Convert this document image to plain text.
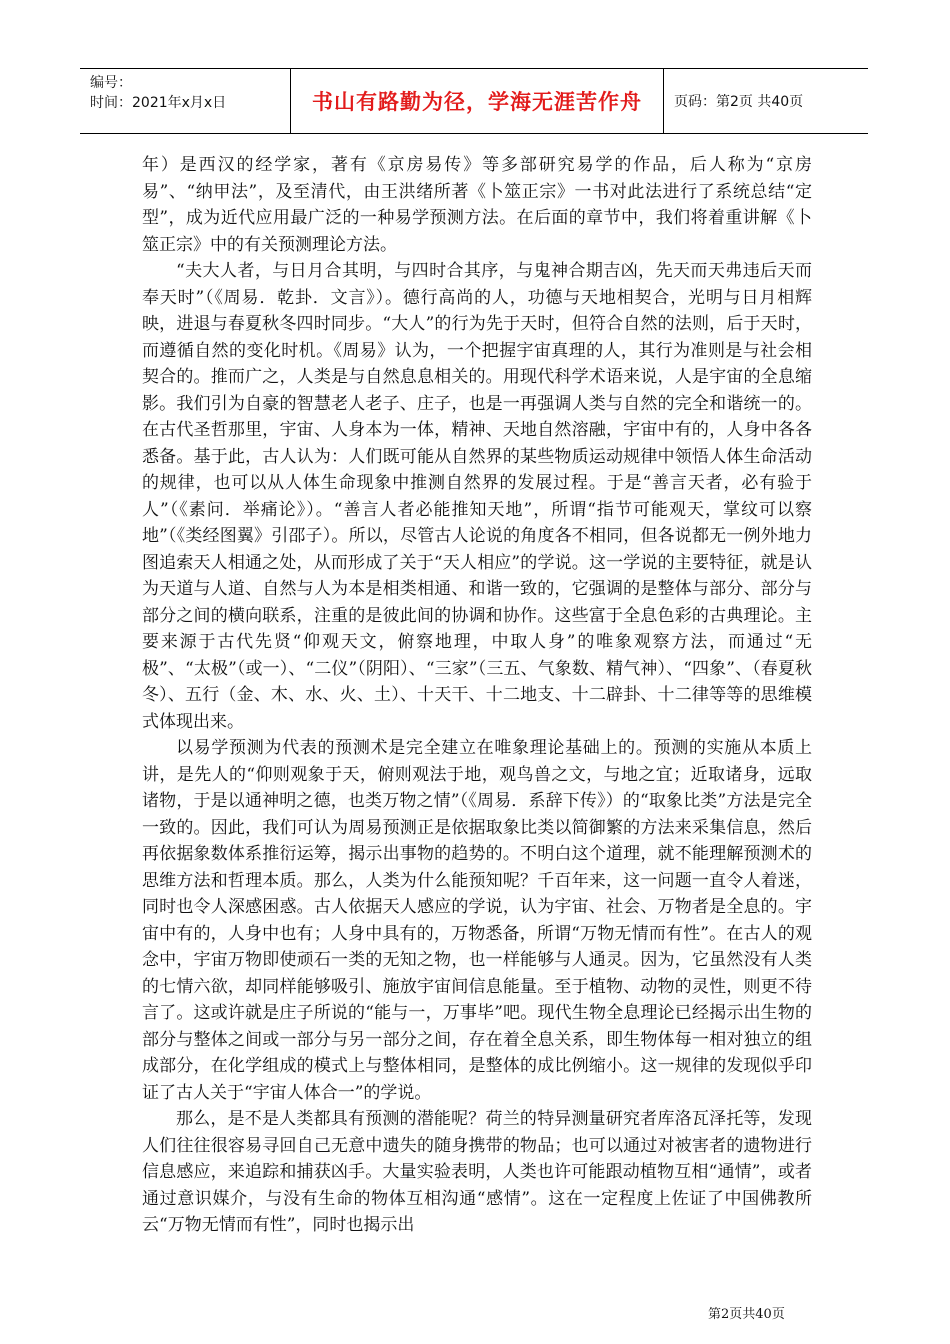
编号：
时间：2021年x月x日	书山有路勤为径，学海无涯苦作舟	页码：第2页 共40页

年）是西汉的经学家，著有《京房易传》等多部研究易学的作品，后人称为“京房易”、“纳甲法”，及至清代，由王洪绪所著《卜筮正宗》一书对此法进行了系统总结“定型”，成为近代应用最广泛的一种易学预测方法。在后面的章节中，我们将着重讲解《卜筮正宗》中的有关预测理论方法。

“夫大人者，与日月合其明，与四时合其序，与鬼神合期吉凶，先天而天弗违后天而奉天时”（《周易．乾卦．文言》）。德行高尚的人，功德与天地相契合，光明与日月相辉映，进退与春夏秋冬四时同步。“大人”的行为先于天时，但符合自然的法则，后于天时，而遵循自然的变化时机。《周易》认为，一个把握宇宙真理的人，其行为准则是与社会相契合的。推而广之，人类是与自然息息相关的。用现代科学术语来说，人是宇宙的全息缩影。我们引为自豪的智慧老人老子、庄子，也是一再强调人类与自然的完全和谐统一的。在古代圣哲那里，宇宙、人身本为一体，精神、天地自然溶融，宇宙中有的，人身中各各悉备。基于此，古人认为：人们既可能从自然界的某些物质运动规律中领悟人体生命活动的规律，也可以从人体生命现象中推测自然界的发展过程。于是“善言天者，必有验于人”（《素问．举痛论》）。“善言人者必能推知天地”，所谓“指节可能观天，掌纹可以察地”（《类经图翼》引邵子）。所以，尽管古人论说的角度各不相同，但各说都无一例外地力图追索天人相通之处，从而形成了关于“天人相应”的学说。这一学说的主要特征，就是认为天道与人道、自然与人为本是相类相通、和谐一致的，它强调的是整体与部分、部分与部分之间的横向联系，注重的是彼此间的协调和协作。这些富于全息色彩的古典理论。主要来源于古代先贤“仰观天文，俯察地理，中取人身”的唯象观察方法，而通过“无极”、“太极”（或一）、“二仪”（阴阳）、“三家”（三五、气象数、精气神）、“四象”、（春夏秋冬）、五行（金、木、水、火、土）、十天干、十二地支、十二辟卦、十二律等等的思维模式体现出来。

以易学预测为代表的预测术是完全建立在唯象理论基础上的。预测的实施从本质上讲，是先人的“仰则观象于天，俯则观法于地，观鸟兽之文，与地之宜；近取诸身，远取诸物，于是以通神明之德，也类万物之情”（《周易．系辞下传》）的“取象比类”方法是完全一致的。因此，我们可认为周易预测正是依据取象比类以简御繁的方法来采集信息，然后再依据象数体系推衍运筹，揭示出事物的趋势的。不明白这个道理，就不能理解预测术的思维方法和哲理本质。那么，人类为什么能预知呢？千百年来，这一问题一直令人着迷，同时也令人深感困惑。古人依据天人感应的学说，认为宇宙、社会、万物者是全息的。宇宙中有的，人身中也有；人身中具有的，万物悉备，所谓“万物无情而有性”。在古人的观念中，宇宙万物即使顽石一类的无知之物，也一样能够与人通灵。因为，它虽然没有人类的七情六欲，却同样能够吸引、施放宇宙间信息能量。至于植物、动物的灵性，则更不待言了。这或许就是庄子所说的“能与一，万事毕”吧。现代生物全息理论已经揭示出生物的部分与整体之间或一部分与另一部分之间，存在着全息关系，即生物体每一相对独立的组成部分，在化学组成的模式上与整体相同，是整体的成比例缩小。这一规律的发现似乎印证了古人关于“宇宙人体合一”的学说。

那么，是不是人类都具有预测的潜能呢？荷兰的特异测量研究者库洛瓦泽托等，发现人们往往很容易寻回自己无意中遗失的随身携带的物品；也可以通过对被害者的遗物进行信息感应，来追踪和捕获凶手。大量实验表明，人类也许可能跟动植物互相“通情”，或者通过意识媒介，与没有生命的物体互相沟通“感情”。这在一定程度上佐证了中国佛教所云“万物无情而有性”，同时也揭示出

第2页共40页
